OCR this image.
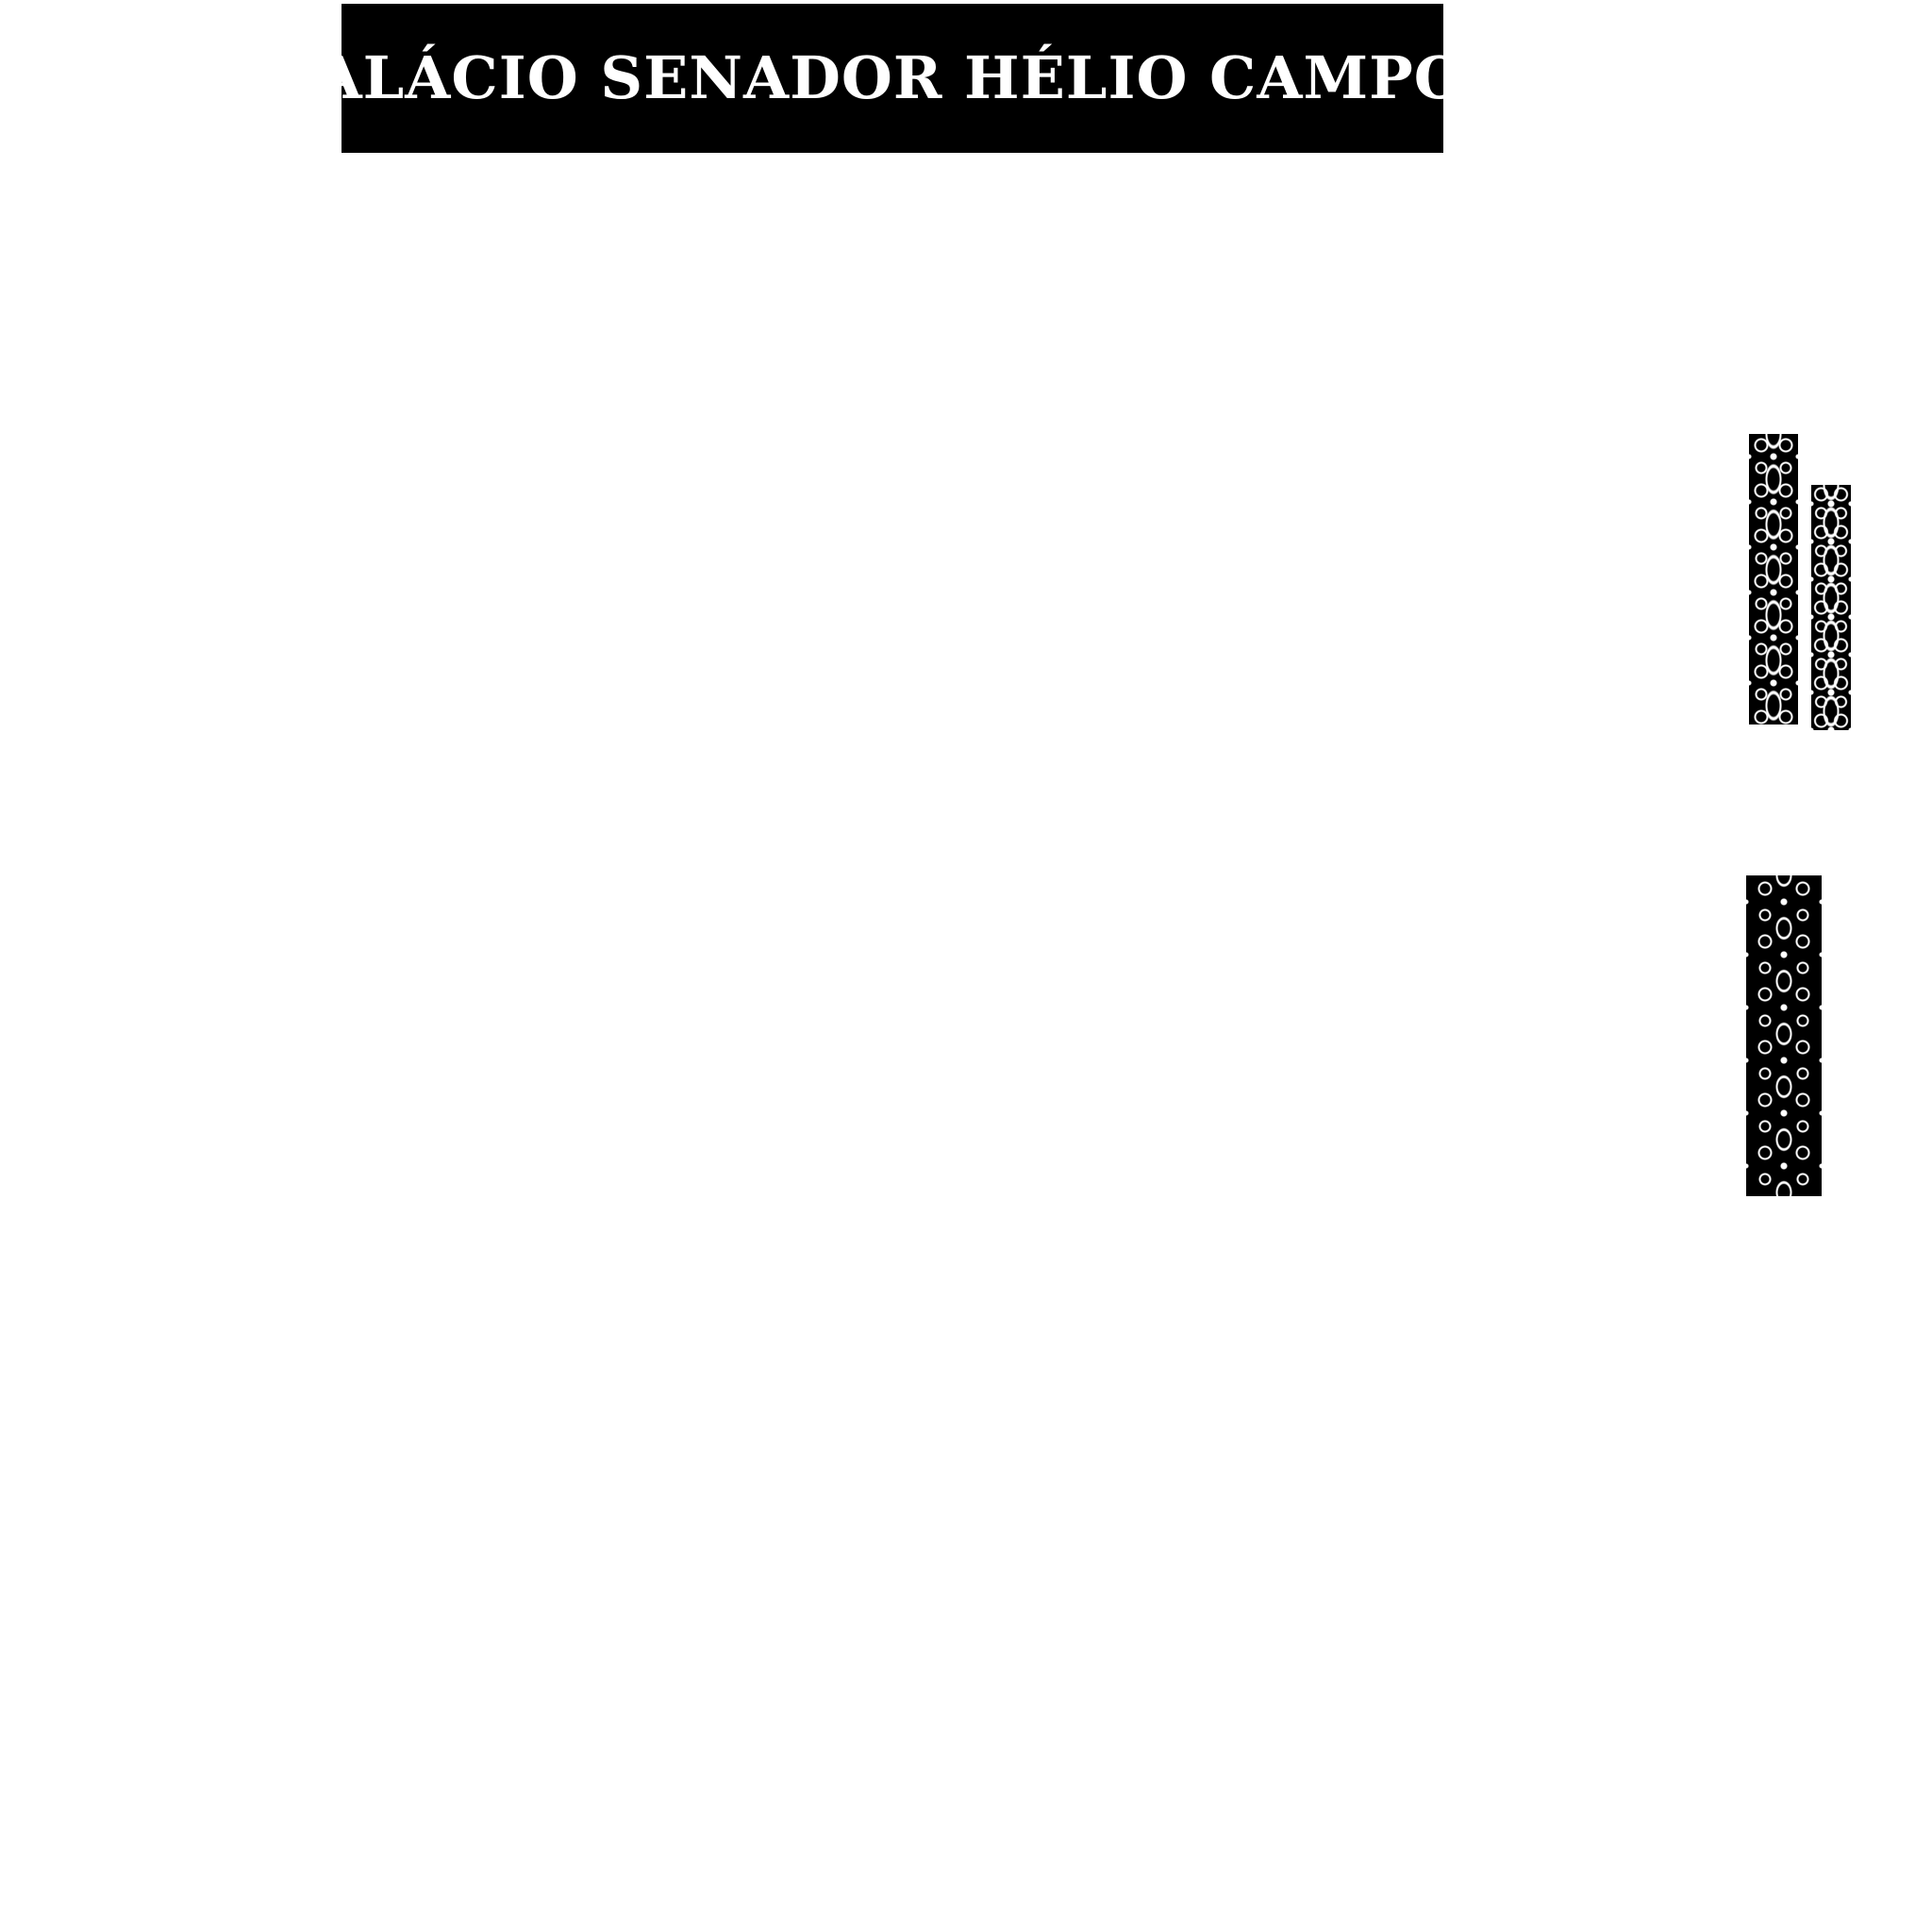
PALÁCIO SENADOR HÉLIO CAMPOS
